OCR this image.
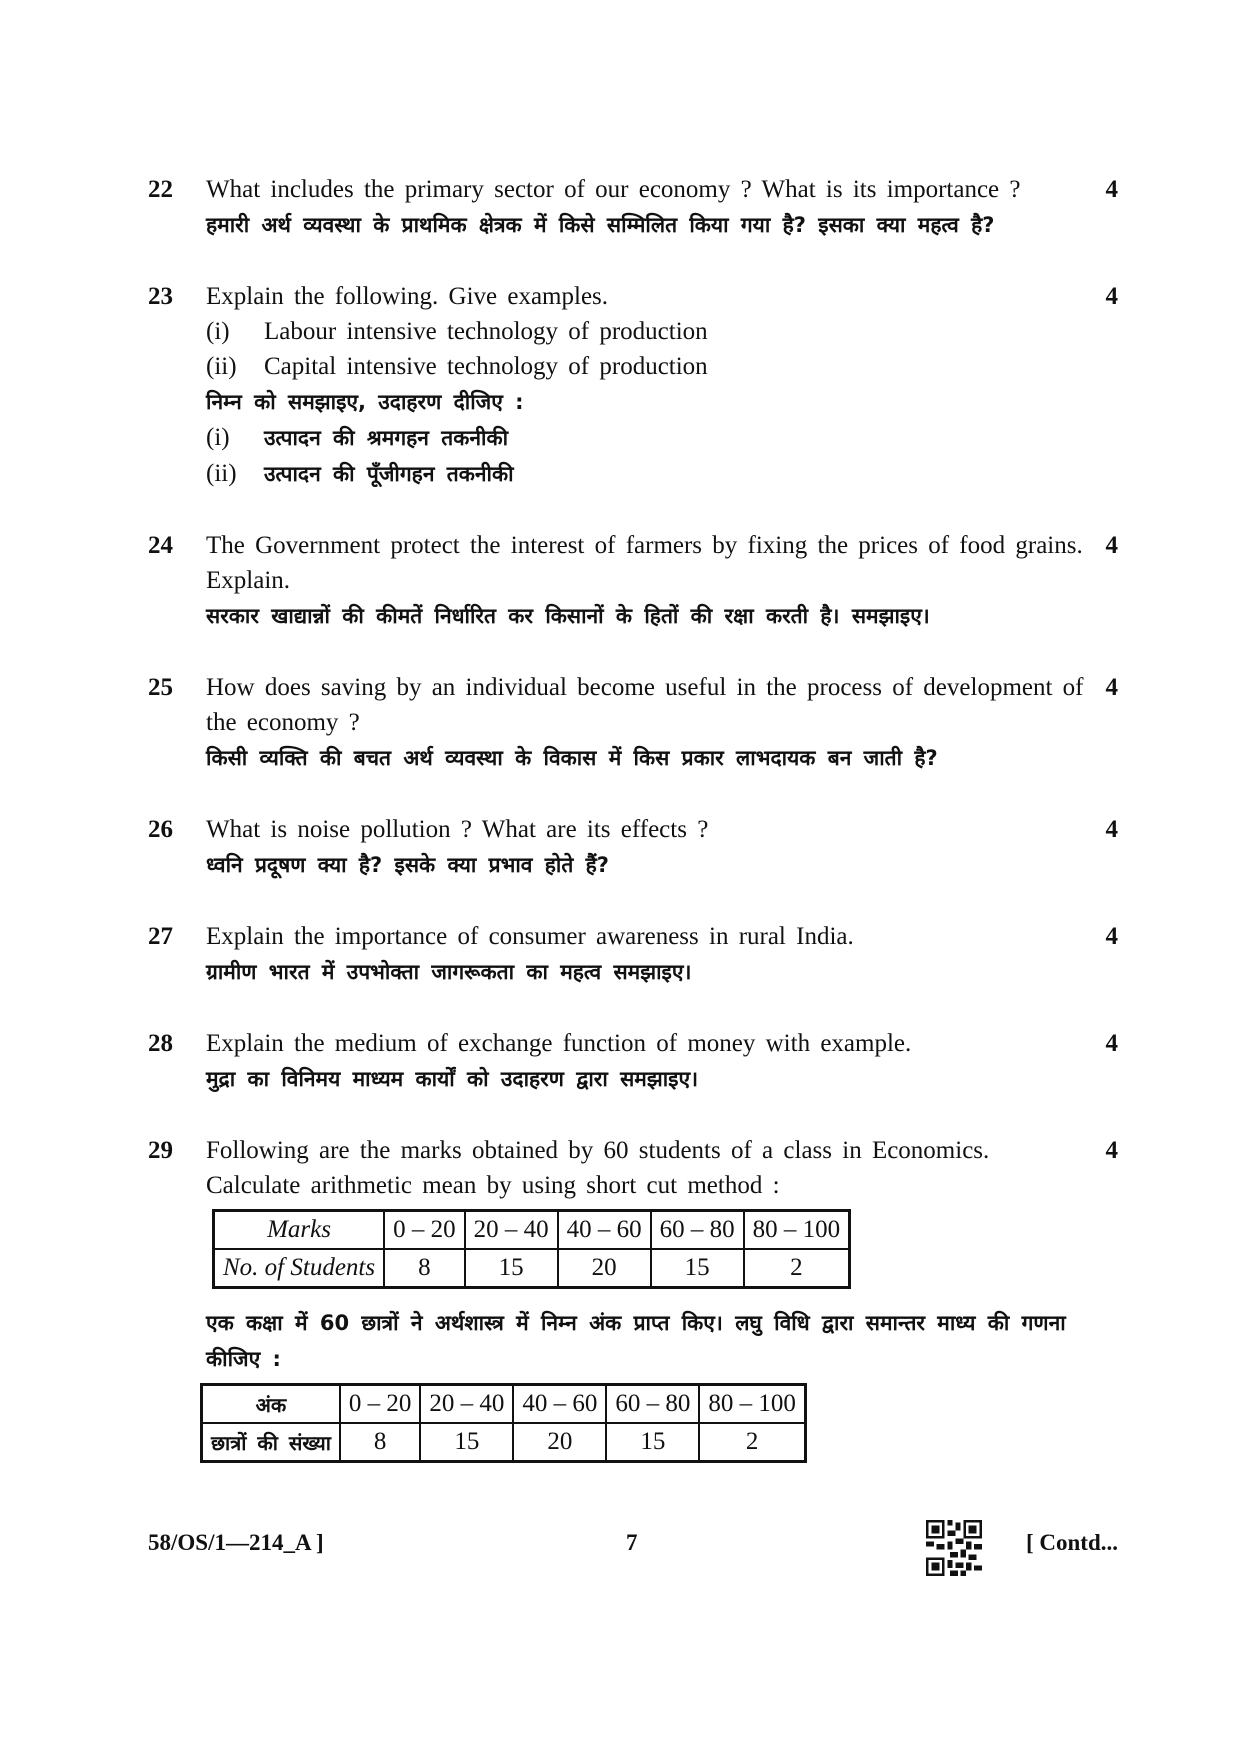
22	What includes the primary sector of our economy ? What is its importance ?
हमारी अर्थ व्यवस्था के प्राथमिक क्षेत्रक में किसे सम्मिलित किया गया है? इसका क्या महत्व है?
4
23	Explain the following. Give examples.
(i)	Labour intensive technology of production
(ii)	Capital intensive technology of production
निम्न को समझाइए, उदाहरण दीजिए :
(i)	उत्पादन की श्रमगहन तकनीकी
(ii)	उत्पादन की पूँजीगहन तकनीकी
4
24	The Government protect the interest of farmers by fixing the prices of food grains. Explain.
सरकार खाद्यान्नों की कीमतें निर्धारित कर किसानों के हितों की रक्षा करती है। समझाइए।
4
25	How does saving by an individual become useful in the process of development of the economy ?
किसी व्यक्ति की बचत अर्थ व्यवस्था के विकास में किस प्रकार लाभदायक बन जाती है?
4
26	What is noise pollution ? What are its effects ?
ध्वनि प्रदूषण क्या है? इसके क्या प्रभाव होते हैं?
4
27	Explain the importance of consumer awareness in rural India.
ग्रामीण भारत में उपभोक्ता जागरूकता का महत्व समझाइए।
4
28	Explain the medium of exchange function of money with example.
मुद्रा का विनिमय माध्यम कार्यों को उदाहरण द्वारा समझाइए।
4
29	Following are the marks obtained by 60 students of a class in Economics. Calculate arithmetic mean by using short cut method :
Marks	0 – 20	20 – 40	40 – 60	60 – 80	80 – 100
No. of Students	8	15	20	15	2
एक कक्षा में 60 छात्रों ने अर्थशास्त्र में निम्न अंक प्राप्त किए। लघु विधि द्वारा समान्तर माध्य की गणना कीजिए :
अंक	0 – 20	20 – 40	40 – 60	60 – 80	80 – 100
छात्रों की संख्या	8	15	20	15	2
4
58/OS/1—214_A ]	7	[ Contd...
